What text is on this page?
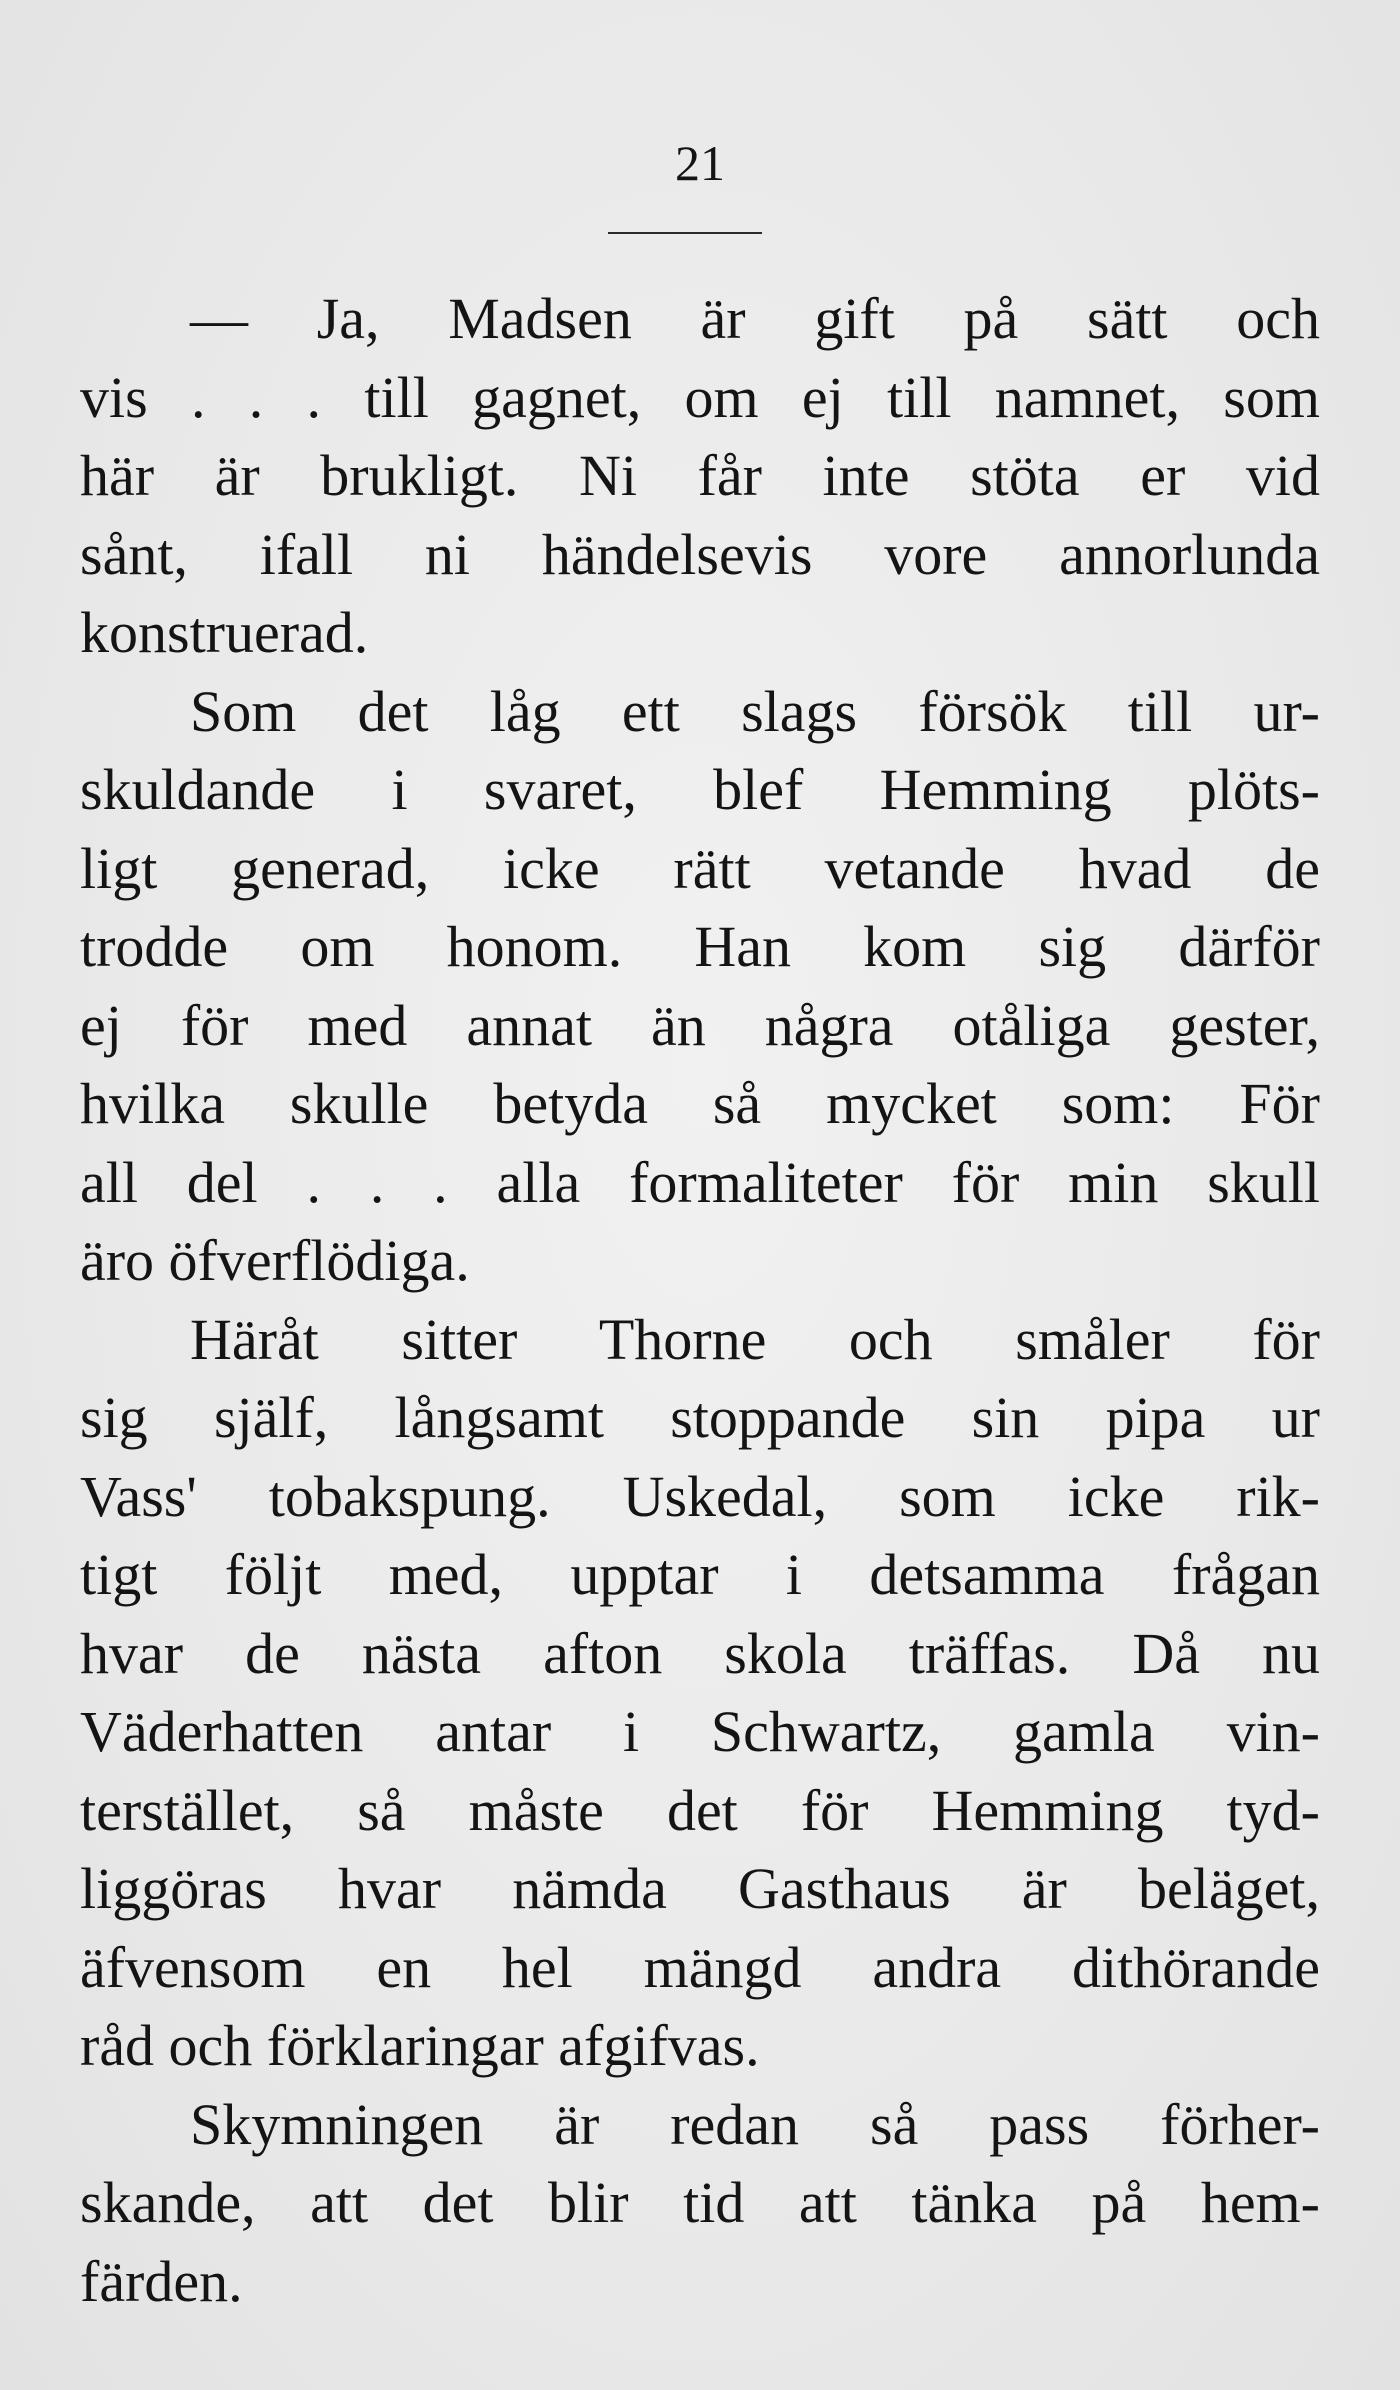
21
— Ja, Madsen är gift på sätt och
vis . . . till gagnet, om ej till namnet, som
här är brukligt. Ni får inte stöta er vid
sånt, ifall ni händelsevis vore annorlunda
konstruerad.
Som det låg ett slags försök till ur-
skuldande i svaret, blef Hemming plöts-
ligt generad, icke rätt vetande hvad de
trodde om honom. Han kom sig därför
ej för med annat än några otåliga gester,
hvilka skulle betyda så mycket som: För
all del . . . alla formaliteter för min skull
äro öfverflödiga.
Häråt sitter Thorne och småler för
sig själf, långsamt stoppande sin pipa ur
Vass' tobakspung. Uskedal, som icke rik-
tigt följt med, upptar i detsamma frågan
hvar de nästa afton skola träffas. Då nu
Väderhatten antar i Schwartz, gamla vin-
terstället, så måste det för Hemming tyd-
liggöras hvar nämda Gasthaus är beläget,
äfvensom en hel mängd andra dithörande
råd och förklaringar afgifvas.
Skymningen är redan så pass förher-
skande, att det blir tid att tänka på hem-
färden.
